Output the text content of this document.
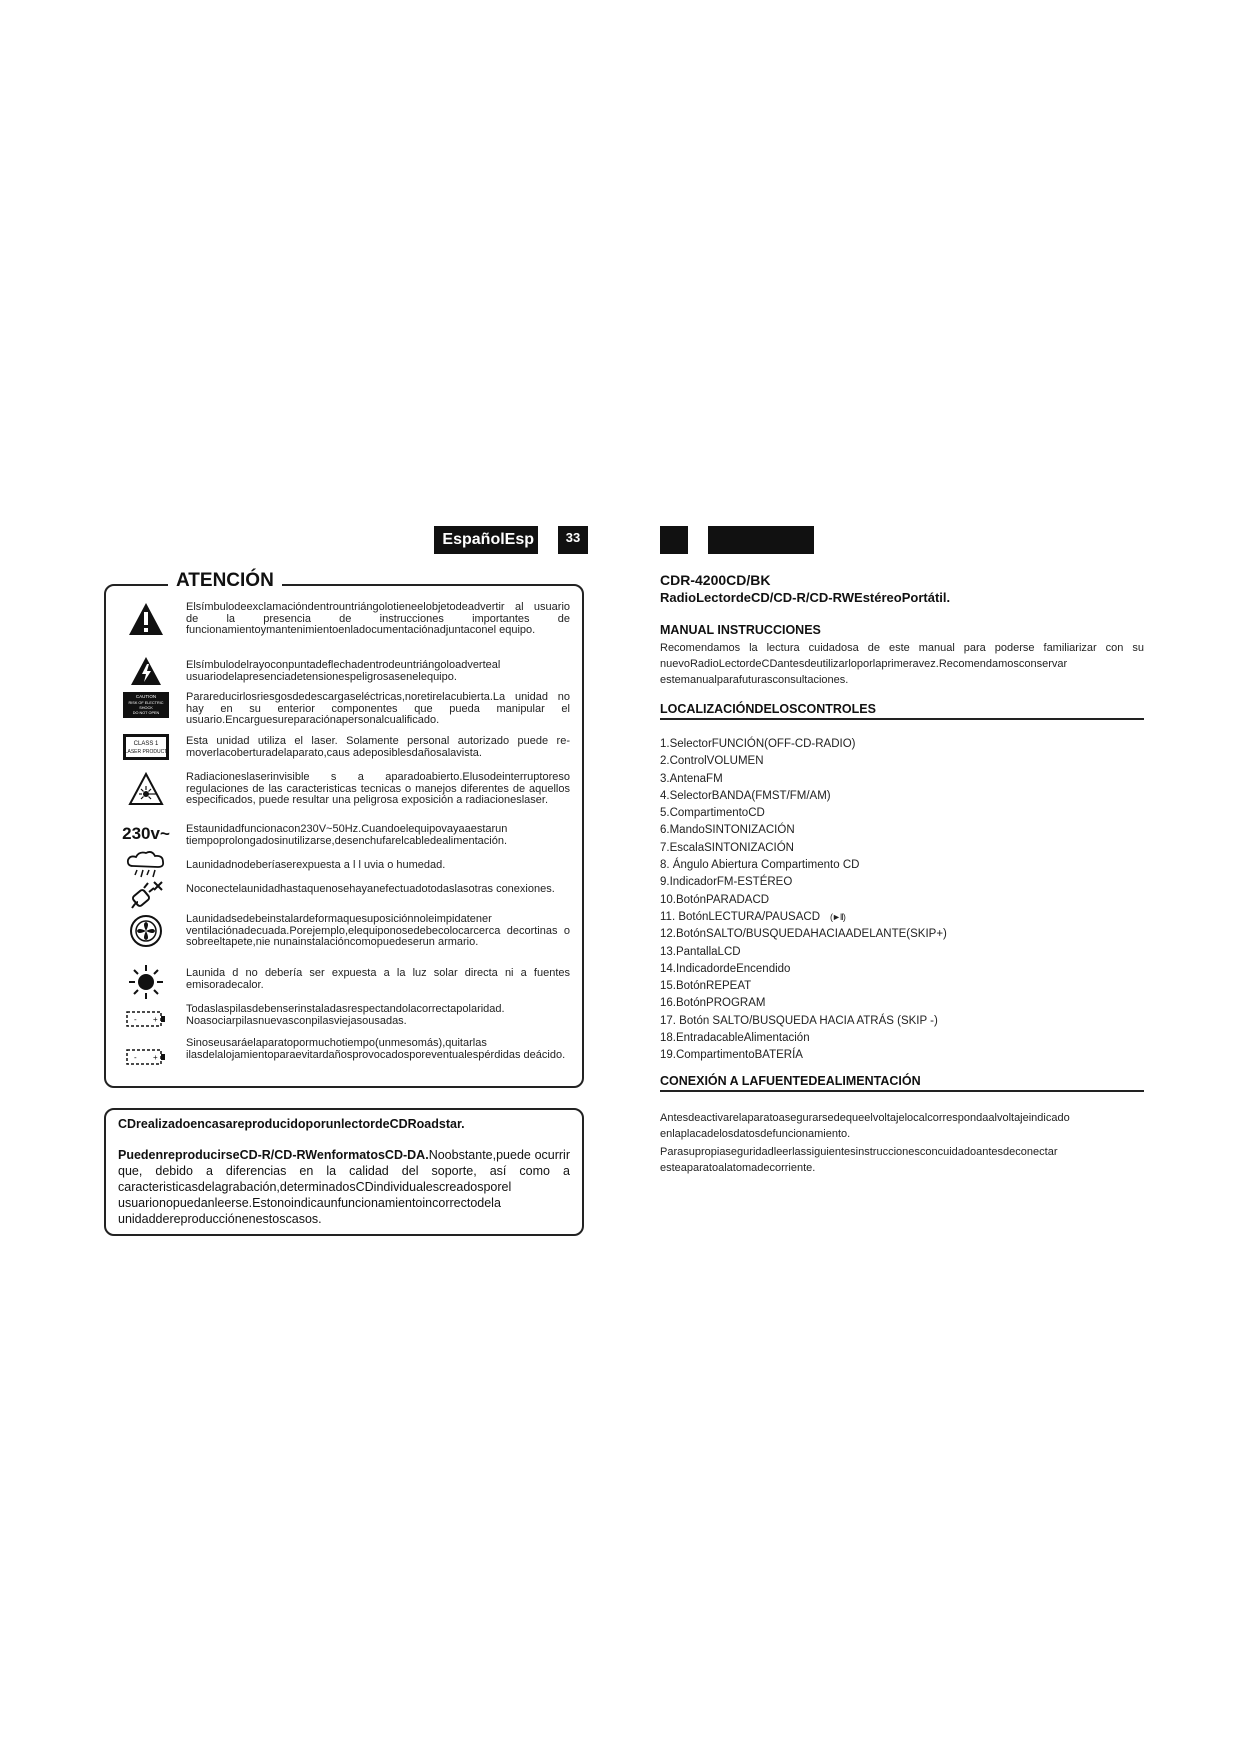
EspañolEsp	33
ATENCIÓN
Elsímbulodeexclamacióndentrountriángolotieneelobjetodeadvertir al usuario de la presencia de instrucciones importantes de funcionamientoymantenimientoenladocumentaciónadjuntaconel equipo.
Elsímbulodelrayoconpuntadeflechadentrodeuntriángoloadverteal usuariodelapresenciadetensionespeligrosasenelequipo.
CAUTION
RISK OF ELECTRIC
SHOCK
DO NOT OPEN
Parareducirlosriesgosdedescargaseléctricas,noretirelacubierta.La unidad no hay en su enterior componentes que pueda manipular el usuario.Encarguesureparaciónapersonalcualificado.
CLASS 1
LASER PRODUCT
Esta unidad utiliza el laser. Solamente personal autorizado puede re-moverlacoberturadelaparato,caus adeposiblesdañosalavista.
Radiacioneslaserinvisible s a aparadoabierto.Elusodeinterruptoreso regulaciones de las caracteristicas tecnicas o manejos diferentes de aquellos especificados, puede resultar una peligrosa exposición a radiacioneslaser.
230v~ Estaunidadfuncionacon230V~50Hz.Cuandoelequipovayaaestarun tiempoprolongadosinutilizarse,desenchufarelcabledealimentación.
Launidadnodeberíaserexpuesta a l l uvia o humedad.
Noconectelaunidadhastaquenosehayanefectuadotodaslasotras conexiones.
Launidadsedebeinstalardeformaquesuposiciónnoleimpidatener ventilaciónadecuada.Porejemplo,elequiponosedebecolocarcerca decortinas o sobreeltapete,nie nunainstalacióncomopuedeserun armario.
Launida d no debería ser expuesta a la luz solar directa ni a fuentes emisoradecalor.
- +
Todaslaspilasdebenserinstaladasrespectandolacorrectapolaridad. Noasociarpilasnuevasconpilasviejasousadas.
- +
Sinoseusaráelaparatopormuchotiempo(unmesomás),quitarlas ilasdelalojamientoparaevitardañosprovocadosporeventualespérdidas deácido.
CDrealizadoencasareproducidoporunlectordeCDRoadstar.
PuedenreproducirseCD-R/CD-RWenformatosCD-DA.Noobstante,puede ocurrir que, debido a diferencias en la calidad del soporte, así como a caracteristicasdelagrabación,determinadosCDindividualescreadosporel usuarionopuedanleerse.Estonoindicaunfuncionamientoincorrectodela unidaddereproducciónenestoscasos.
CDR-4200CD/BK
RadioLectordeCD/CD-R/CD-RWEstéreoPortátil.
MANUAL INSTRUCCIONES
Recomendamos la lectura cuidadosa de este manual para poderse familiarizar con su nuevoRadioLectordeCDantesdeutilizarloporlaprimeravez.Recomendamosconservar estemanualparafuturasconsultaciones.
LOCALIZACIÓNDELOSCONTROLES
1.SelectorFUNCIÓN(OFF-CD-RADIO)
2.ControlVOLUMEN
3.AntenaFM
4.SelectorBANDA(FMST/FM/AM)
5.CompartimentoCD
6.MandoSINTONIZACIÓN
7.EscalaSINTONIZACIÓN
8. Ángulo Abiertura Compartimento CD
9.IndicadorFM-ESTÉREO
10.BotónPARADACD
11. BotónLECTURA/PAUSACD (►II)
12.BotónSALTO/BUSQUEDAHACIAADELANTE(SKIP+)
13.PantallaLCD
14.IndicadordeEncendido
15.BotónREPEAT
16.BotónPROGRAM
17. Botón SALTO/BUSQUEDA HACIA ATRÁS (SKIP -)
18.EntradacableAlimentación
19.CompartimentoBATERÍA
CONEXIÓN A LAFUENTEDEALIMENTACIÓN
Antesdeactivarelaparatoasegurarsedequeelvoltajelocalcorrespondaalvoltajeindicado enlaplacadelosdatosdefuncionamiento.
Parasupropiaseguridadleerlassiguientesinstruccionesconcuidadoantesdeconectar esteaparatoalatomadecorriente.
